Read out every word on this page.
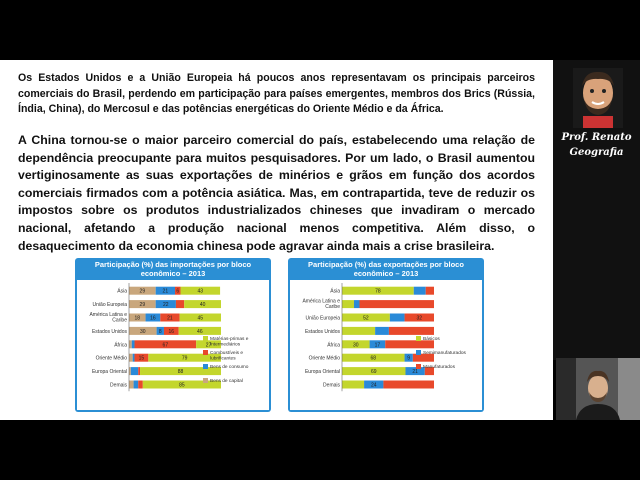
Os Estados Unidos e a União Europeia há poucos anos representavam os principais parceiros comerciais do Brasil, perdendo em participação para países emergentes, membros dos Brics (Rússia, Índia, China), do Mercosul e das potências energéticas do Oriente Médio e da África.

A China tornou-se o maior parceiro comercial do país, estabelecendo uma relação de dependência preocupante para muitos pesquisadores. Por um lado, o Brasil aumentou vertiginosamente as suas exportações de minérios e grãos em função dos acordos comerciais firmados com a potência asiática. Mas, em contrapartida, teve de reduzir os impostos sobre os produtos industrializados chineses que invadiram o mercado nacional, afetando a produção nacional menos competitiva. Além disso, o desaquecimento da economia chinesa pode agravar ainda mais a crise brasileira.

Participação (%) das importações por bloco econômico – 2013
Ásia	29	21 6	43
União Europeia	29	22	40
América Latina e Caribe 18 16 21	45
Estados Unidos	30	8 16	46
África	67	27
Oriente Médio 15	79
Europa Oriental	88
Demais	85
Matérias-primas e intermediários
Combustíveis e lubrificantes
Bens de consumo
Bens de capital
Participação (%) das exportações por bloco econômico – 2013
Ásia	78
América Latina e Caribe
União Europeia	52	32
Estados Unidos
África	30	17
Oriente Médio	68	9
Europa Oriental	69	21
Demais	24
Básicos
Semimanufaturados
Manufaturados
Prof. Renato
Geografia
